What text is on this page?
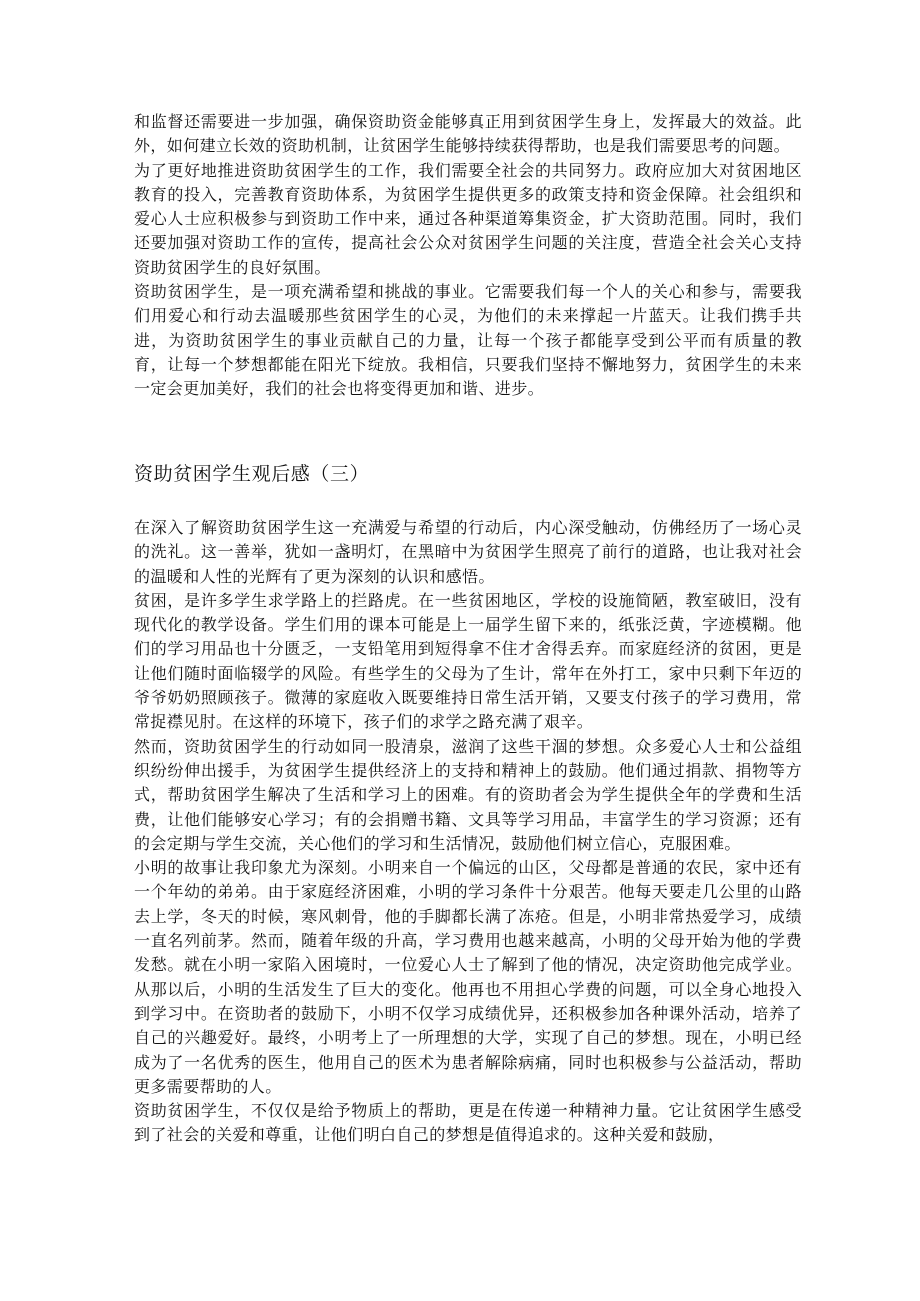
和监督还需要进一步加强，确保资助资金能够真正用到贫困学生身上，发挥最大的效益。此外，如何建立长效的资助机制，让贫困学生能够持续获得帮助，也是我们需要思考的问题。

为了更好地推进资助贫困学生的工作，我们需要全社会的共同努力。政府应加大对贫困地区教育的投入，完善教育资助体系，为贫困学生提供更多的政策支持和资金保障。社会组织和爱心人士应积极参与到资助工作中来，通过各种渠道筹集资金，扩大资助范围。同时，我们还要加强对资助工作的宣传，提高社会公众对贫困学生问题的关注度，营造全社会关心支持资助贫困学生的良好氛围。

资助贫困学生，是一项充满希望和挑战的事业。它需要我们每一个人的关心和参与，需要我们用爱心和行动去温暖那些贫困学生的心灵，为他们的未来撑起一片蓝天。让我们携手共进，为资助贫困学生的事业贡献自己的力量，让每一个孩子都能享受到公平而有质量的教育，让每一个梦想都能在阳光下绽放。我相信，只要我们坚持不懈地努力，贫困学生的未来一定会更加美好，我们的社会也将变得更加和谐、进步。

资助贫困学生观后感（三）

在深入了解资助贫困学生这一充满爱与希望的行动后，内心深受触动，仿佛经历了一场心灵的洗礼。这一善举，犹如一盏明灯，在黑暗中为贫困学生照亮了前行的道路，也让我对社会的温暖和人性的光辉有了更为深刻的认识和感悟。

贫困，是许多学生求学路上的拦路虎。在一些贫困地区，学校的设施简陋，教室破旧，没有现代化的教学设备。学生们用的课本可能是上一届学生留下来的，纸张泛黄，字迹模糊。他们的学习用品也十分匮乏，一支铅笔用到短得拿不住才舍得丢弃。而家庭经济的贫困，更是让他们随时面临辍学的风险。有些学生的父母为了生计，常年在外打工，家中只剩下年迈的爷爷奶奶照顾孩子。微薄的家庭收入既要维持日常生活开销，又要支付孩子的学习费用，常常捉襟见肘。在这样的环境下，孩子们的求学之路充满了艰辛。

然而，资助贫困学生的行动如同一股清泉，滋润了这些干涸的梦想。众多爱心人士和公益组织纷纷伸出援手，为贫困学生提供经济上的支持和精神上的鼓励。他们通过捐款、捐物等方式，帮助贫困学生解决了生活和学习上的困难。有的资助者会为学生提供全年的学费和生活费，让他们能够安心学习；有的会捐赠书籍、文具等学习用品，丰富学生的学习资源；还有的会定期与学生交流，关心他们的学习和生活情况，鼓励他们树立信心，克服困难。

小明的故事让我印象尤为深刻。小明来自一个偏远的山区，父母都是普通的农民，家中还有一个年幼的弟弟。由于家庭经济困难，小明的学习条件十分艰苦。他每天要走几公里的山路去上学，冬天的时候，寒风刺骨，他的手脚都长满了冻疮。但是，小明非常热爱学习，成绩一直名列前茅。然而，随着年级的升高，学习费用也越来越高，小明的父母开始为他的学费发愁。就在小明一家陷入困境时，一位爱心人士了解到了他的情况，决定资助他完成学业。从那以后，小明的生活发生了巨大的变化。他再也不用担心学费的问题，可以全身心地投入到学习中。在资助者的鼓励下，小明不仅学习成绩优异，还积极参加各种课外活动，培养了自己的兴趣爱好。最终，小明考上了一所理想的大学，实现了自己的梦想。现在，小明已经成为了一名优秀的医生，他用自己的医术为患者解除病痛，同时也积极参与公益活动，帮助更多需要帮助的人。

资助贫困学生，不仅仅是给予物质上的帮助，更是在传递一种精神力量。它让贫困学生感受到了社会的关爱和尊重，让他们明白自己的梦想是值得追求的。这种关爱和鼓励，
